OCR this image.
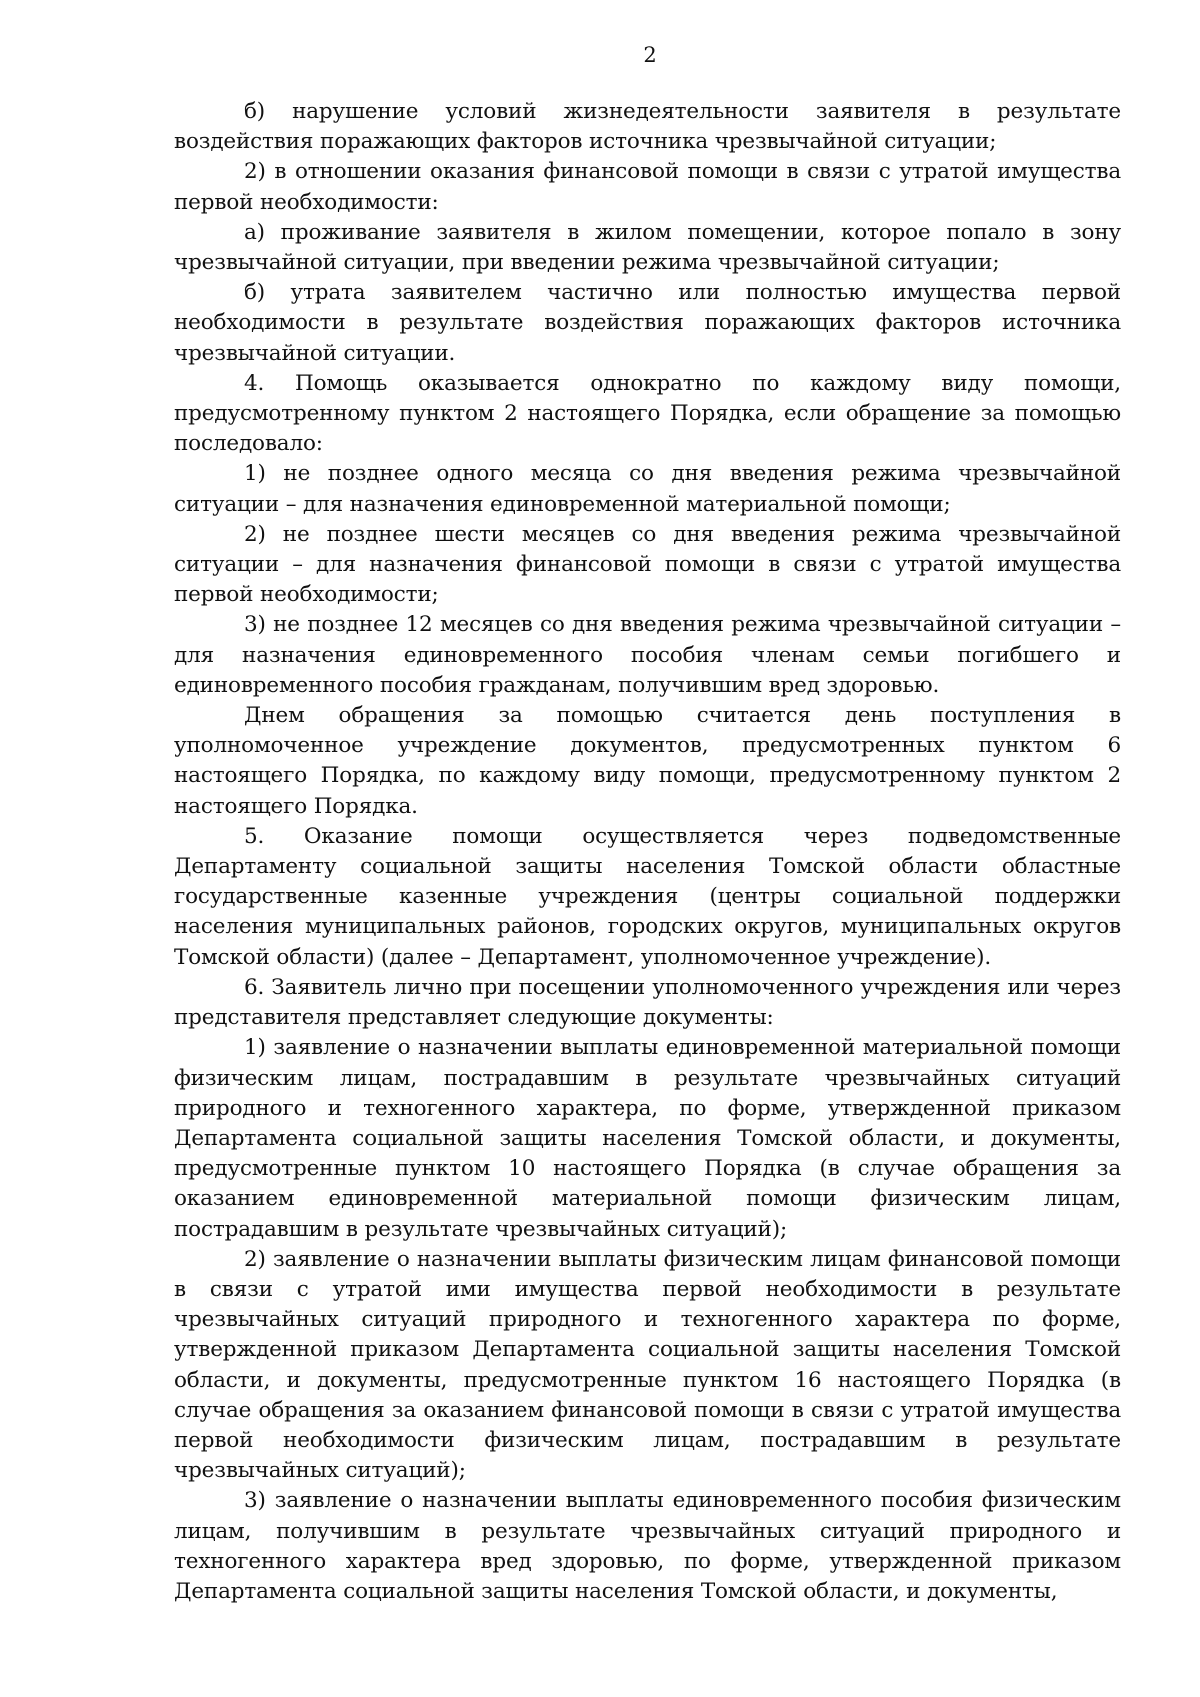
2

б) нарушение условий жизнедеятельности заявителя в результате воздействия поражающих факторов источника чрезвычайной ситуации;

2) в отношении оказания финансовой помощи в связи с утратой имущества первой необходимости:

а) проживание заявителя в жилом помещении, которое попало в зону чрезвычайной ситуации, при введении режима чрезвычайной ситуации;

б) утрата заявителем частично или полностью имущества первой необходимости в результате воздействия поражающих факторов источника чрезвычайной ситуации.

4. Помощь оказывается однократно по каждому виду помощи, предусмотренному пунктом 2 настоящего Порядка, если обращение за помощью последовало:

1) не позднее одного месяца со дня введения режима чрезвычайной ситуации – для назначения единовременной материальной помощи;

2) не позднее шести месяцев со дня введения режима чрезвычайной ситуации – для назначения финансовой помощи в связи с утратой имущества первой необходимости;

3) не позднее 12 месяцев со дня введения режима чрезвычайной ситуации – для назначения единовременного пособия членам семьи погибшего и единовременного пособия гражданам, получившим вред здоровью.

Днем обращения за помощью считается день поступления в уполномоченное учреждение документов, предусмотренных пунктом 6 настоящего Порядка, по каждому виду помощи, предусмотренному пунктом 2 настоящего Порядка.

5. Оказание помощи осуществляется через подведомственные Департаменту социальной защиты населения Томской области областные государственные казенные учреждения (центры социальной поддержки населения муниципальных районов, городских округов, муниципальных округов Томской области) (далее – Департамент, уполномоченное учреждение).

6. Заявитель лично при посещении уполномоченного учреждения или через представителя представляет следующие документы:

1) заявление о назначении выплаты единовременной материальной помощи физическим лицам, пострадавшим в результате чрезвычайных ситуаций природного и техногенного характера, по форме, утвержденной приказом Департамента социальной защиты населения Томской области, и документы, предусмотренные пунктом 10 настоящего Порядка (в случае обращения за оказанием единовременной материальной помощи физическим лицам, пострадавшим в результате чрезвычайных ситуаций);

2) заявление о назначении выплаты физическим лицам финансовой помощи в связи с утратой ими имущества первой необходимости в результате чрезвычайных ситуаций природного и техногенного характера по форме, утвержденной приказом Департамента социальной защиты населения Томской области, и документы, предусмотренные пунктом 16 настоящего Порядка (в случае обращения за оказанием финансовой помощи в связи с утратой имущества первой необходимости физическим лицам, пострадавшим в результате чрезвычайных ситуаций);

3) заявление о назначении выплаты единовременного пособия физическим лицам, получившим в результате чрезвычайных ситуаций природного и техногенного характера вред здоровью, по форме, утвержденной приказом Департамента социальной защиты населения Томской области, и документы,
